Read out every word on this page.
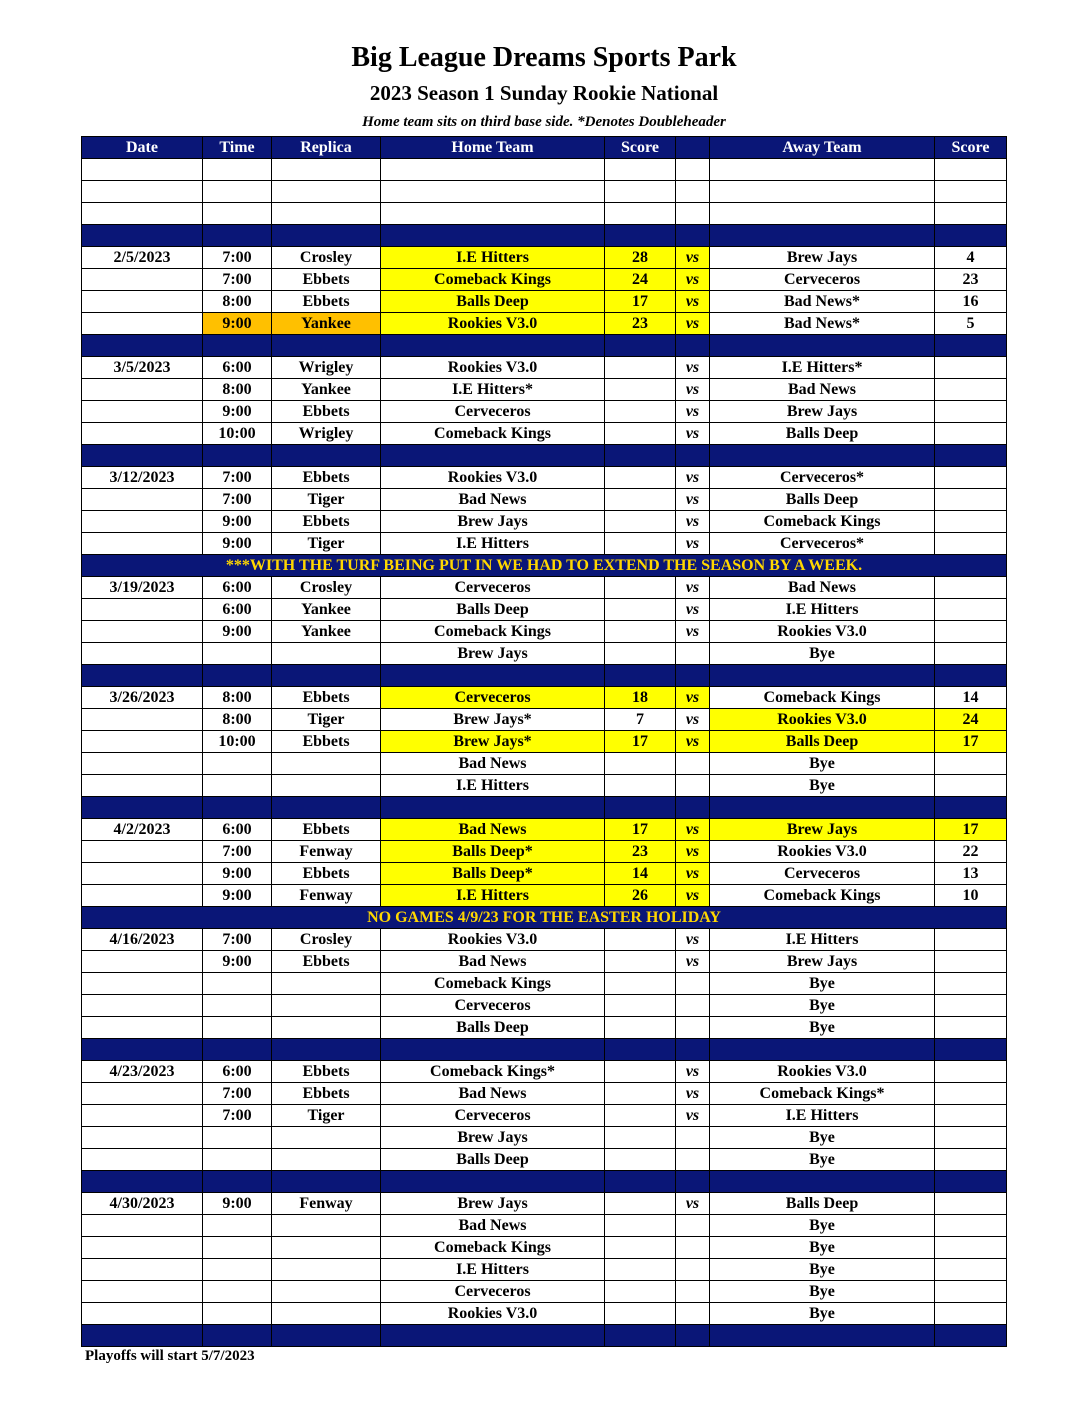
Big League Dreams Sports Park
2023 Season 1 Sunday Rookie National
Home team sits on third base side. *Denotes Doubleheader
Date	Time	Replica	Home Team	Score		Away Team	Score

2/5/2023	7:00	Crosley	I.E Hitters	28	vs	Brew Jays	4
	7:00	Ebbets	Comeback Kings	24	vs	Cerveceros	23
	8:00	Ebbets	Balls Deep	17	vs	Bad News*	16
	9:00	Yankee	Rookies V3.0	23	vs	Bad News*	5

3/5/2023	6:00	Wrigley	Rookies V3.0		vs	I.E Hitters*	
	8:00	Yankee	I.E Hitters*		vs	Bad News	
	9:00	Ebbets	Cerveceros		vs	Brew Jays	
	10:00	Wrigley	Comeback Kings		vs	Balls Deep	

3/12/2023	7:00	Ebbets	Rookies V3.0		vs	Cerveceros*	
	7:00	Tiger	Bad News		vs	Balls Deep	
	9:00	Ebbets	Brew Jays		vs	Comeback Kings	
	9:00	Tiger	I.E Hitters		vs	Cerveceros*	
***WITH THE TURF BEING PUT IN WE HAD TO EXTEND THE SEASON BY A WEEK.							
3/19/2023	6:00	Crosley	Cerveceros		vs	Bad News	
	6:00	Yankee	Balls Deep		vs	I.E Hitters	
	9:00	Yankee	Comeback Kings		vs	Rookies V3.0	
			Brew Jays			Bye	

3/26/2023	8:00	Ebbets	Cerveceros	18	vs	Comeback Kings	14
	8:00	Tiger	Brew Jays*	7	vs	Rookies V3.0	24
	10:00	Ebbets	Brew Jays*	17	vs	Balls Deep	17
			Bad News			Bye	
			I.E Hitters			Bye	

4/2/2023	6:00	Ebbets	Bad News	17	vs	Brew Jays	17
	7:00	Fenway	Balls Deep*	23	vs	Rookies V3.0	22
	9:00	Ebbets	Balls Deep*	14	vs	Cerveceros	13
	9:00	Fenway	I.E Hitters	26	vs	Comeback Kings	10
NO GAMES 4/9/23 FOR THE EASTER HOLIDAY							
4/16/2023	7:00	Crosley	Rookies V3.0		vs	I.E Hitters	
	9:00	Ebbets	Bad News		vs	Brew Jays	
			Comeback Kings			Bye	
			Cerveceros			Bye	
			Balls Deep			Bye	

4/23/2023	6:00	Ebbets	Comeback Kings*		vs	Rookies V3.0	
	7:00	Ebbets	Bad News		vs	Comeback Kings*	
	7:00	Tiger	Cerveceros		vs	I.E Hitters	
			Brew Jays			Bye	
			Balls Deep			Bye	

4/30/2023	9:00	Fenway	Brew Jays		vs	Balls Deep	
			Bad News			Bye	
			Comeback Kings			Bye	
			I.E Hitters			Bye	
			Cerveceros			Bye	
			Rookies V3.0			Bye	

Playoffs will start 5/7/2023
